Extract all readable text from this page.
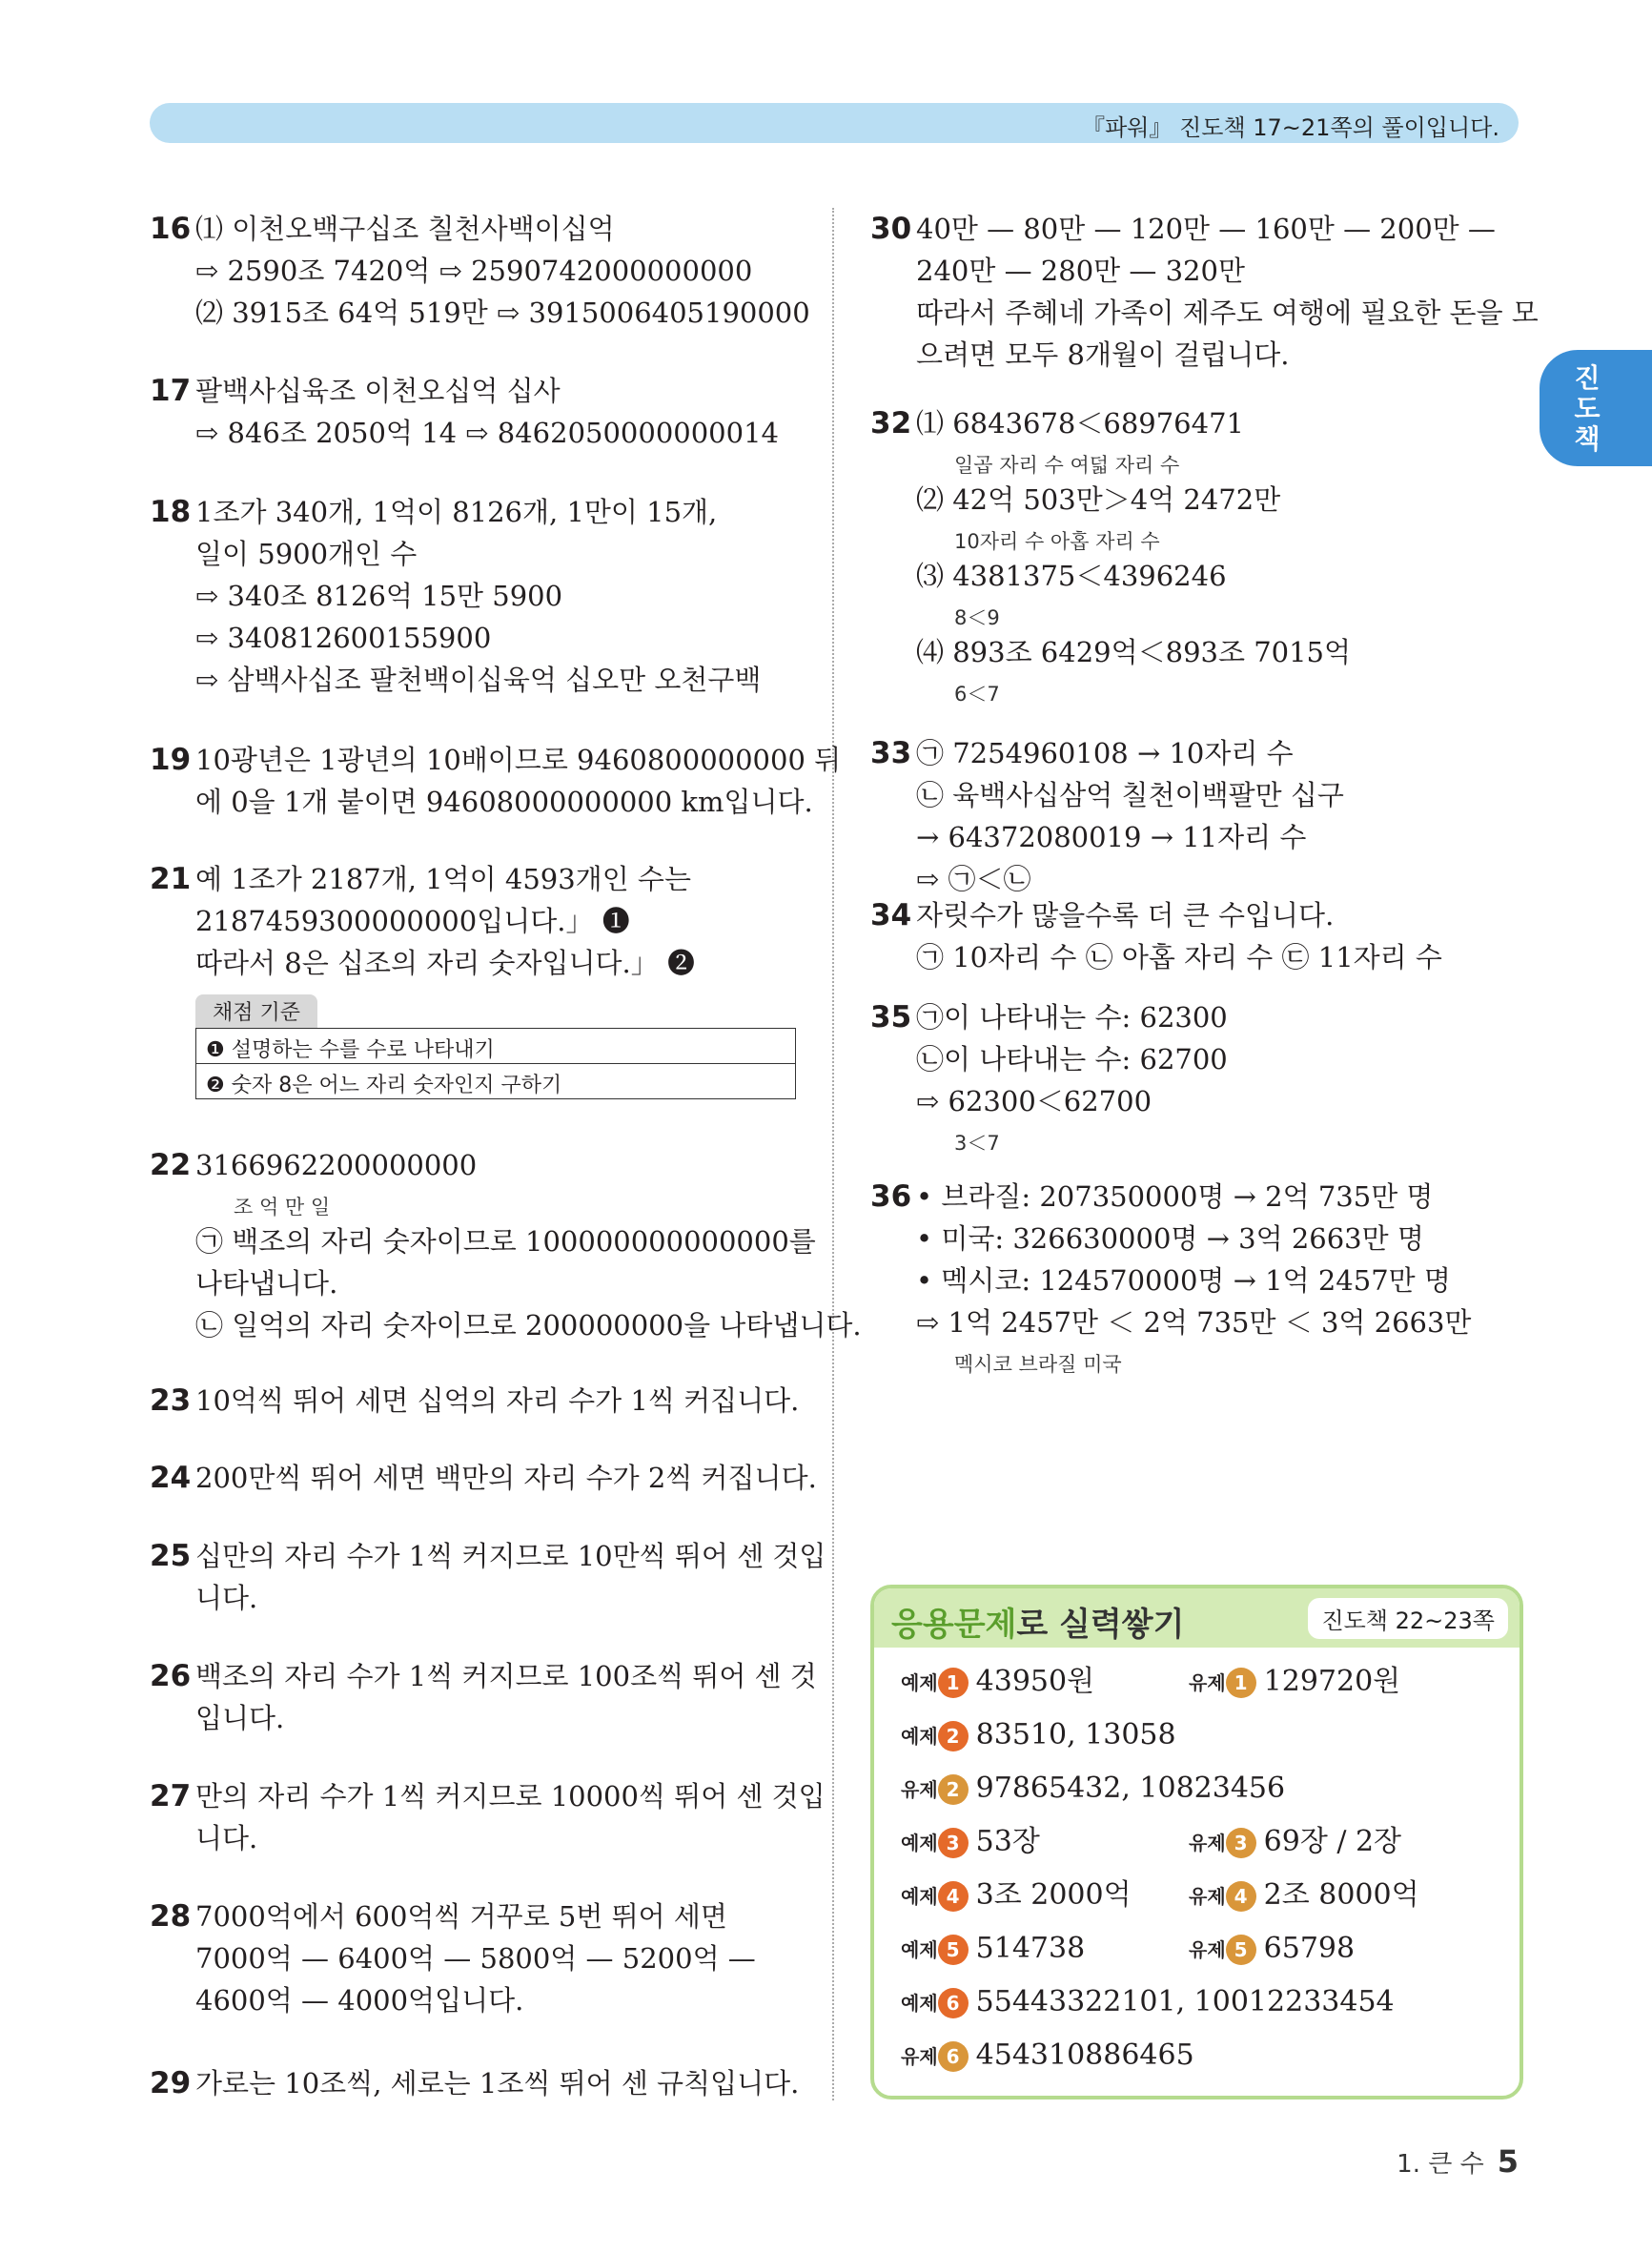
『파워』 진도책 17~21쪽의 풀이입니다.
진도책
16 ⑴ 이천오백구십조 칠천사백이십억
⇨ 2590조 7420억 ⇨ 2590742000000000
⑵ 3915조 64억 519만 ⇨ 3915006405190000
17 팔백사십육조 이천오십억 십사
⇨ 846조 2050억 14 ⇨ 8462050000000014
18 1조가 340개, 1억이 8126개, 1만이 15개,
일이 5900개인 수
⇨ 340조 8126억 15만 5900
⇨ 340812600155900
⇨ 삼백사십조 팔천백이십육억 십오만 오천구백
19 10광년은 1광년의 10배이므로 9460800000000 뒤
에 0을 1개 붙이면 94608000000000 km입니다.
21 예 1조가 2187개, 1억이 4593개인 수는
2187459300000000입니다.」 ❶
따라서 8은 십조의 자리 숫자입니다.」 ❷
22 3166962200000000
조 억 만 일
㉠ 백조의 자리 숫자이므로 100000000000000를
나타냅니다.
㉡ 일억의 자리 숫자이므로 200000000을 나타냅니다.
23 10억씩 뛰어 세면 십억의 자리 수가 1씩 커집니다.
24 200만씩 뛰어 세면 백만의 자리 수가 2씩 커집니다.
25 십만의 자리 수가 1씩 커지므로 10만씩 뛰어 센 것입
니다.
26 백조의 자리 수가 1씩 커지므로 100조씩 뛰어 센 것
입니다.
27 만의 자리 수가 1씩 커지므로 10000씩 뛰어 센 것입
니다.
28 7000억에서 600억씩 거꾸로 5번 뛰어 세면
7000억 — 6400억 — 5800억 — 5200억 —
4600억 — 4000억입니다.
29 가로는 10조씩, 세로는 1조씩 뛰어 센 규칙입니다.
30 40만 — 80만 — 120만 — 160만 — 200만 —
240만 — 280만 — 320만
따라서 주혜네 가족이 제주도 여행에 필요한 돈을 모
으려면 모두 8개월이 걸립니다.
32 ⑴ 6843678＜68976471
일곱 자리 수 여덟 자리 수
⑵ 42억 503만＞4억 2472만
10자리 수 아홉 자리 수
⑶ 4381375＜4396246
8＜9
⑷ 893조 6429억＜893조 7015억
6＜7
33 ㉠ 7254960108 → 10자리 수
㉡ 육백사십삼억 칠천이백팔만 십구
→ 64372080019 → 11자리 수
⇨ ㉠＜㉡
34 자릿수가 많을수록 더 큰 수입니다.
㉠ 10자리 수 ㉡ 아홉 자리 수 ㉢ 11자리 수
35 ㉠이 나타내는 수: 62300
㉡이 나타내는 수: 62700
⇨ 62300＜62700
3＜7
36 • 브라질: 207350000명 → 2억 735만 명
• 미국: 326630000명 → 3억 2663만 명
• 멕시코: 124570000명 → 1억 2457만 명
⇨ 1억 2457만 ＜ 2억 735만 ＜ 3억 2663만
멕시코 브라질 미국
채점 기준
❶ 설명하는 수를 수로 나타내기
❷ 숫자 8은 어느 자리 숫자인지 구하기
응용문제로 실력쌓기	진도책 22~23쪽
예제 1 43950원	유제 1 129720원
예제 2 83510, 13058
유제 2 97865432, 10823456
예제 3 53장	유제 3 69장 / 2장
예제 4 3조 2000억	유제 4 2조 8000억
예제 5 514738	유제 5 65798
예제 6 55443322101, 10012233454
유제 6 454310886465
1. 큰 수 5
